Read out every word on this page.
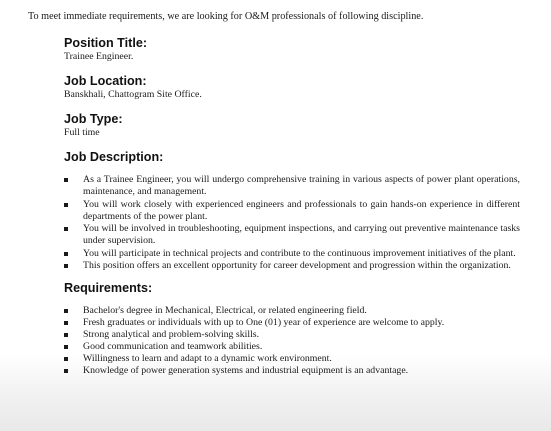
To meet immediate requirements, we are looking for O&M professionals of following discipline.

Position Title:

Trainee Engineer.

Job Location:

Banskhali, Chattogram Site Office.

Job Type:

Full time

Job Description:
As a Trainee Engineer, you will undergo comprehensive training in various aspects of power plant operations, maintenance, and management.
You will work closely with experienced engineers and professionals to gain hands-on experience in different departments of the power plant.
You will be involved in troubleshooting, equipment inspections, and carrying out preventive maintenance tasks under supervision.
You will participate in technical projects and contribute to the continuous improvement initiatives of the plant.
This position offers an excellent opportunity for career development and progression within the organization.
Requirements:
Bachelor's degree in Mechanical, Electrical, or related engineering field.
Fresh graduates or individuals with up to One (01) year of experience are welcome to apply.
Strong analytical and problem-solving skills.
Good communication and teamwork abilities.
Willingness to learn and adapt to a dynamic work environment.
Knowledge of power generation systems and industrial equipment is an advantage.
